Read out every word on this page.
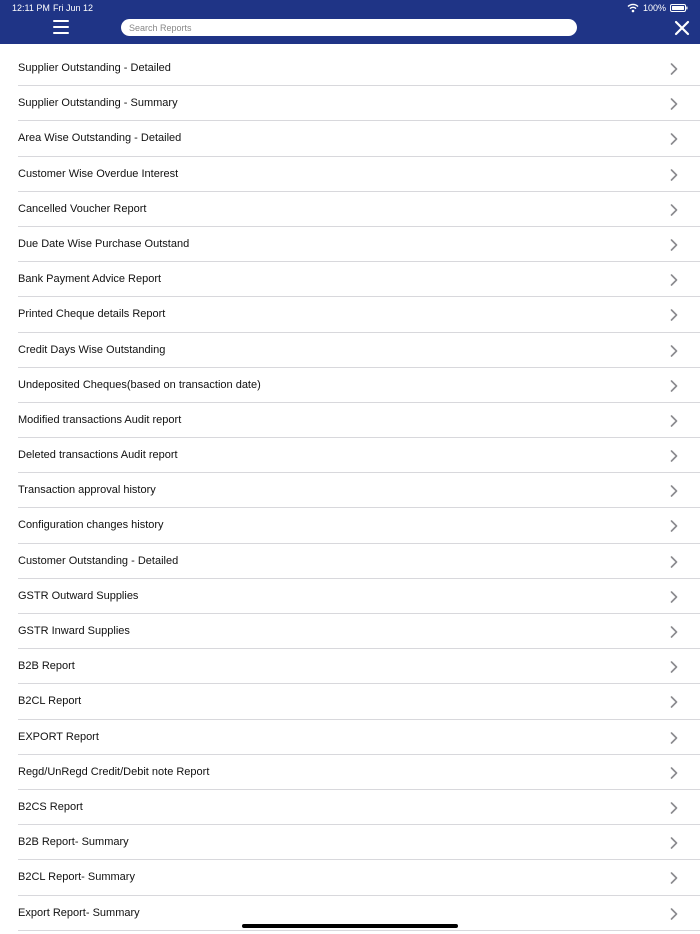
12:11 PM Fri Jun 12	100%
Search Reports
Supplier Outstanding - Detailed
Supplier Outstanding - Summary
Area Wise Outstanding - Detailed
Customer Wise Overdue Interest
Cancelled Voucher Report
Due Date Wise Purchase Outstand
Bank Payment Advice Report
Printed Cheque details Report
Credit Days Wise Outstanding
Undeposited Cheques(based on transaction date)
Modified transactions Audit report
Deleted transactions Audit report
Transaction approval history
Configuration changes history
Customer Outstanding - Detailed
GSTR Outward Supplies
GSTR Inward Supplies
B2B Report
B2CL Report
EXPORT Report
Regd/UnRegd Credit/Debit note Report
B2CS Report
B2B Report- Summary
B2CL Report- Summary
Export Report- Summary
